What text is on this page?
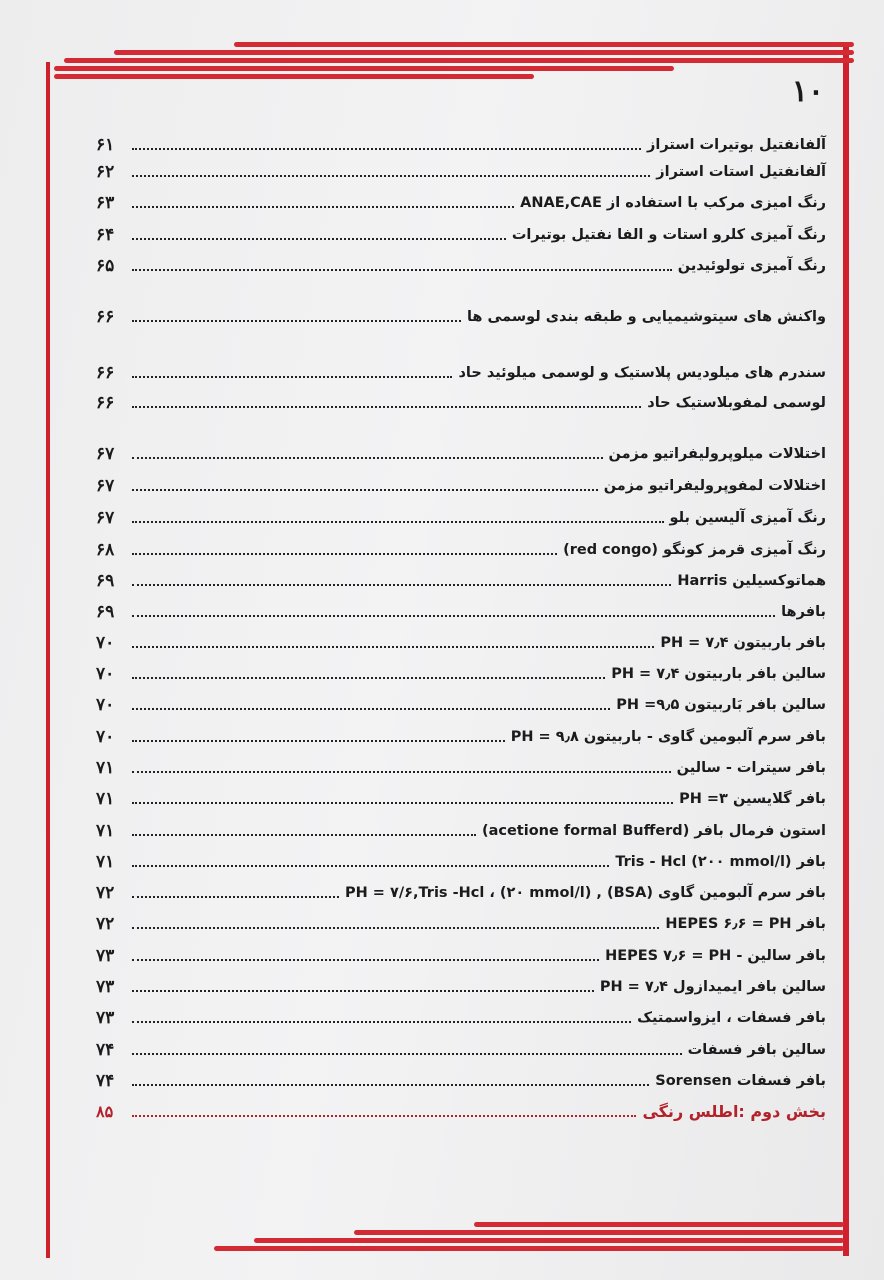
۱۰
آلفانفتیل بوتیرات استراز
۶۱
آلفانفتیل استات استراز
۶۲
رنگ امیزی مرکب با استفاده از ANAE,CAE
۶۳
رنگ آمیزی کلرو استات و الفا نفتیل بوتیرات
۶۴
رنگ آمیزی تولوئیدین
۶۵
واکنش های سیتوشیمیایی و طبقه بندی لوسمی ها
۶۶
سندرم های میلودیس پلاستیک و لوسمی میلوئید حاد
۶۶
لوسمی لمفوبلاستیک حاد
۶۶
اختلالات میلوپرولیفراتیو مزمن
۶۷
اختلالات لمفوپرولیفراتیو مزمن
۶۷
رنگ آمیزی آلیسین بلو
۶۷
رنگ آمیزی قرمز کونگو (red congo)
۶۸
هماتوکسیلین Harris
۶۹
بافرها
۶۹
بافر باربیتون PH = ۷٫۴
۷۰
سالین بافر باربیتون PH = ۷٫۴
۷۰
سالین بافر بَاربیتون PH =۹٫۵
۷۰
بافر سرم آلبومین گاوی - باربیتون PH = ۹٫۸
۷۰
بافر سیترات - سالین
۷۱
بافر گلایسین PH =۳
۷۱
استون فرمال بافر (acetione formal Bufferd)
۷۱
بافر Tris - Hcl (۲۰۰ mmol/l)
۷۱
بافر سرم آلبومین گاوی (BSA) , PH = ۷/۶,Tris -Hcl ، (۲۰ mmol/l)
۷۲
بافر HEPES ۶٫۶ = PH
۷۲
بافر سالین - HEPES ۷٫۶ = PH
۷۳
سالین بافر ایمیدازول PH = ۷٫۴
۷۳
بافر فسفات ، ایزواسمتیک
۷۳
سالین بافر فسفات
۷۴
بافر فسفات Sorensen
۷۴
بخش دوم :اطلس رنگی
۸۵
